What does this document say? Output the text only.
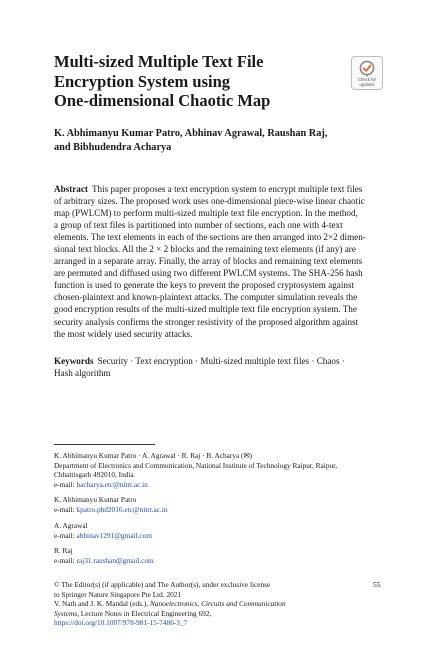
Multi-sized Multiple Text File
Encryption System using
One-dimensional Chaotic Map
Check for
updates
K. Abhimanyu Kumar Patro, Abhinav Agrawal, Raushan Raj,
and Bibhudendra Acharya
Abstract This paper proposes a text encryption system to encrypt multiple text files
of arbitrary sizes. The proposed work uses one-dimensional piece-wise linear chaotic
map (PWLCM) to perform multi-sized multiple text file encryption. In the method,
a group of text files is partitioned into number of sections, each one with 4-text
elements. The text elements in each of the sections are then arranged into 2×2 dimen-
sional text blocks. All the 2 × 2 blocks and the remaining text elements (if any) are
arranged in a separate array. Finally, the array of blocks and remaining text elements
are permuted and diffused using two different PWLCM systems. The SHA-256 hash
function is used to generate the keys to prevent the proposed cryptosystem against
chosen-plaintext and known-plaintext attacks. The computer simulation reveals the
good encryption results of the multi-sized multiple text file encryption system. The
security analysis confirms the stronger resistivity of the proposed algorithm against
the most widely used security attacks.
Keywords Security · Text encryption · Multi-sized multiple text files · Chaos ·
Hash algorithm
K. Abhimanyu Kumar Patro · A. Agrawal · R. Raj · B. Acharya (✉)
Department of Electronics and Communication, National Institute of Technology Raipur, Raipur,
Chhattisgarh 492010, India
e-mail: bacharya.etc@nitrr.ac.in
K. Abhimanyu Kumar Patro
e-mail: kpatro.phd2016.etc@nitrr.ac.in
A. Agrawal
e-mail: abhinav1291@gmail.com
R. Raj
e-mail: raj31.raushan@gmail.com
© The Editor(s) (if applicable) and The Author(s), under exclusive license
to Springer Nature Singapore Pte Ltd. 2021
V. Nath and J. K. Mandal (eds.), Nanoelectronics, Circuits and Communication
Systems, Lecture Notes in Electrical Engineering 692,
https://doi.org/10.1007/978-981-15-7486-3_7
55
